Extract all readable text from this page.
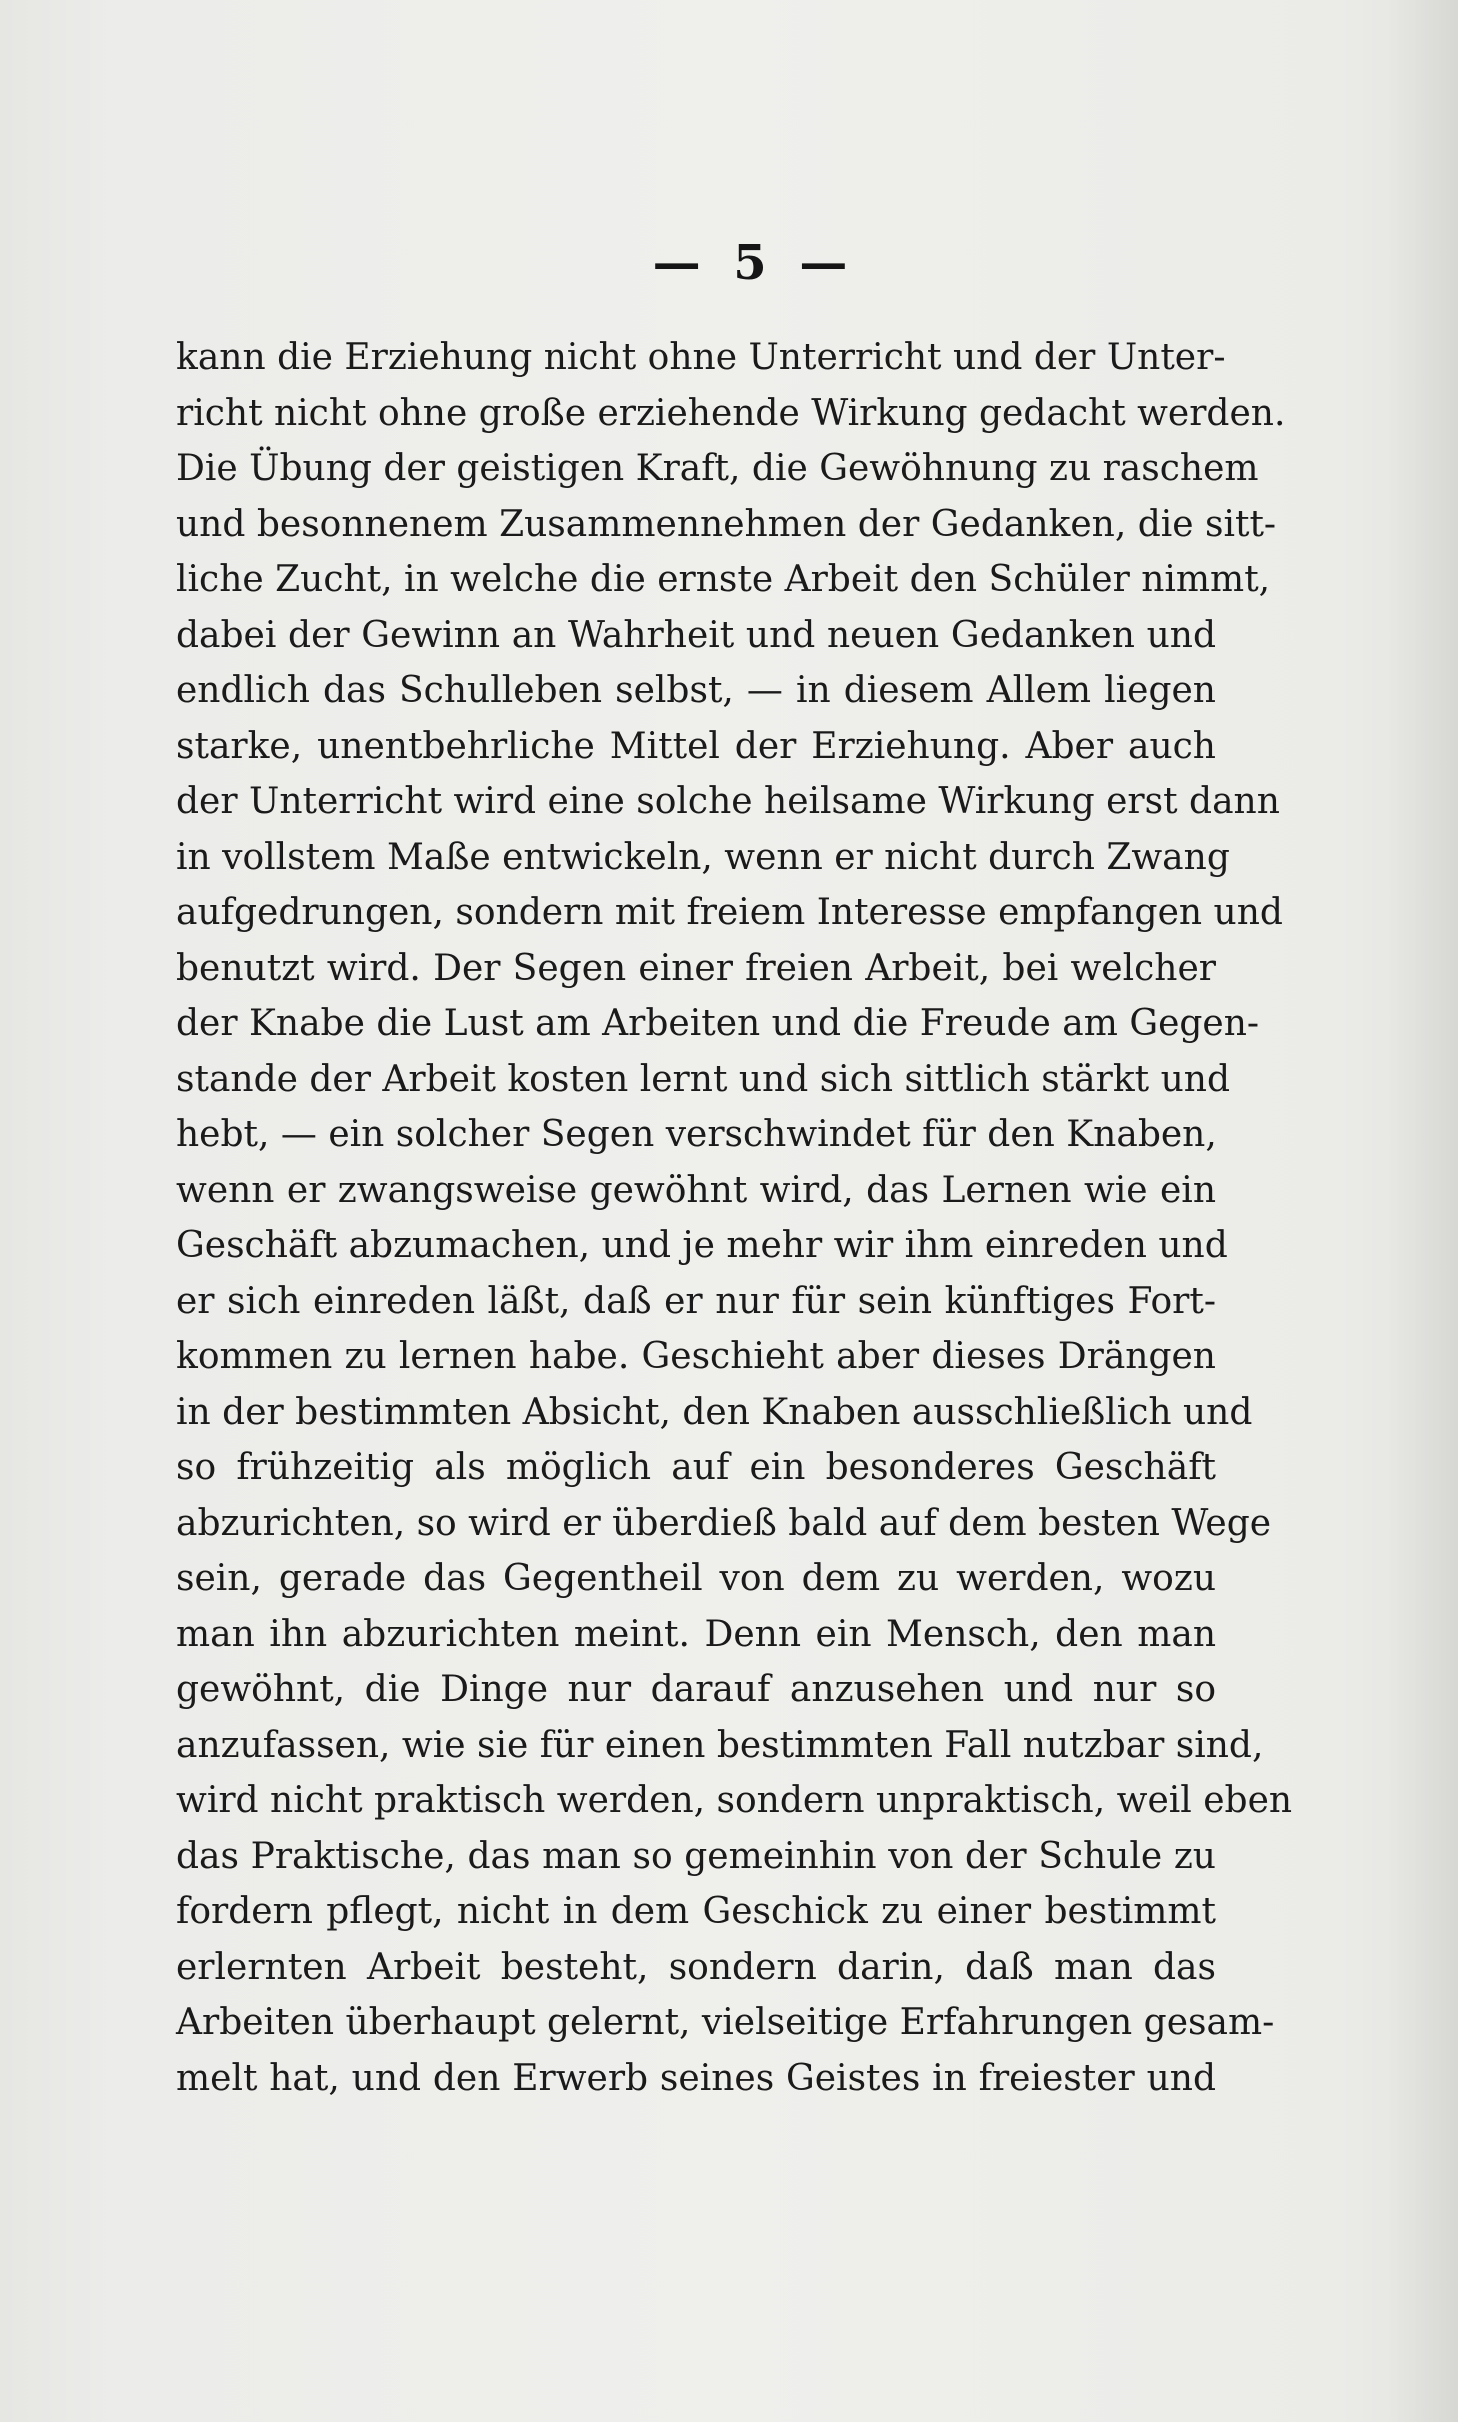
— 5 —
kann die Erziehung nicht ohne Unterricht und der Unter-
richt nicht ohne große erziehende Wirkung gedacht werden.
Die Übung der geistigen Kraft, die Gewöhnung zu raschem
und besonnenem Zusammennehmen der Gedanken, die sitt-
liche Zucht, in welche die ernste Arbeit den Schüler nimmt,
dabei der Gewinn an Wahrheit und neuen Gedanken und
endlich das Schulleben selbst, — in diesem Allem liegen
starke, unentbehrliche Mittel der Erziehung. Aber auch
der Unterricht wird eine solche heilsame Wirkung erst dann
in vollstem Maße entwickeln, wenn er nicht durch Zwang
aufgedrungen, sondern mit freiem Interesse empfangen und
benutzt wird. Der Segen einer freien Arbeit, bei welcher
der Knabe die Lust am Arbeiten und die Freude am Gegen-
stande der Arbeit kosten lernt und sich sittlich stärkt und
hebt, — ein solcher Segen verschwindet für den Knaben,
wenn er zwangsweise gewöhnt wird, das Lernen wie ein
Geschäft abzumachen, und je mehr wir ihm einreden und
er sich einreden läßt, daß er nur für sein künftiges Fort-
kommen zu lernen habe. Geschieht aber dieses Drängen
in der bestimmten Absicht, den Knaben ausschließlich und
so frühzeitig als möglich auf ein besonderes Geschäft
abzurichten, so wird er überdieß bald auf dem besten Wege
sein, gerade das Gegentheil von dem zu werden, wozu
man ihn abzurichten meint. Denn ein Mensch, den man
gewöhnt, die Dinge nur darauf anzusehen und nur so
anzufassen, wie sie für einen bestimmten Fall nutzbar sind,
wird nicht praktisch werden, sondern unpraktisch, weil eben
das Praktische, das man so gemeinhin von der Schule zu
fordern pflegt, nicht in dem Geschick zu einer bestimmt
erlernten Arbeit besteht, sondern darin, daß man das
Arbeiten überhaupt gelernt, vielseitige Erfahrungen gesam-
melt hat, und den Erwerb seines Geistes in freiester und
